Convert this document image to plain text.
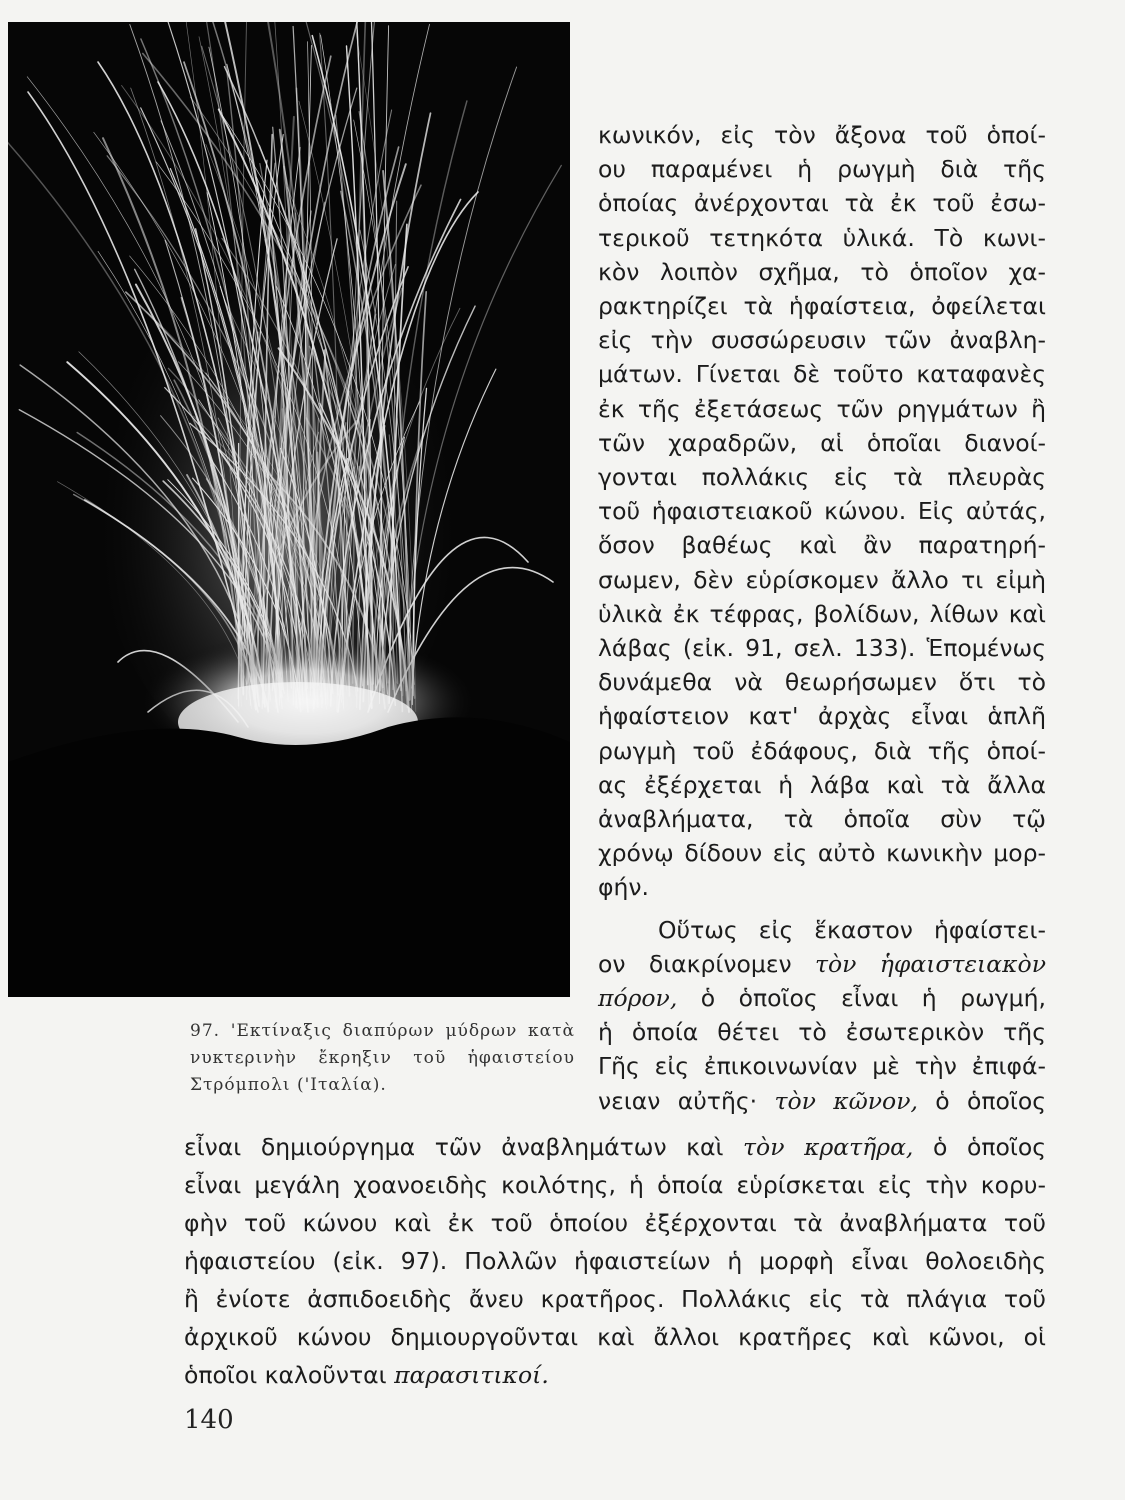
97. 'Εκτίναξις διαπύρων μύδρων κατὰ νυκτερινὴν ἔκρηξιν τοῦ ἡφαιστείου Στρόμπολι ('Ιταλία).
κωνικόν, εἰς τὸν ἄξονα τοῦ ὁποί-
ου παραμένει ἡ ρωγμὴ διὰ τῆς
ὁποίας ἀνέρχονται τὰ ἐκ τοῦ ἐσω-
τερικοῦ τετηκότα ὑλικά. Τὸ κωνι-
κὸν λοιπὸν σχῆμα, τὸ ὁποῖον χα-
ρακτηρίζει τὰ ἡφαίστεια, ὀφείλεται
εἰς τὴν συσσώρευσιν τῶν ἀναβλη-
μάτων. Γίνεται δὲ τοῦτο καταφανὲς
ἐκ τῆς ἐξετάσεως τῶν ρηγμάτων ἢ
τῶν χαραδρῶν, αἱ ὁποῖαι διανοί-
γονται πολλάκις εἰς τὰ πλευρὰς
τοῦ ἡφαιστειακοῦ κώνου. Εἰς αὐτάς,
ὅσον βαθέως καὶ ἂν παρατηρή-
σωμεν, δὲν εὑρίσκομεν ἄλλο τι εἰμὴ
ὑλικὰ ἐκ τέφρας, βολίδων, λίθων καὶ
λάβας (εἰκ. 91, σελ. 133). Ἑπομένως
δυνάμεθα νὰ θεωρήσωμεν ὅτι τὸ
ἡφαίστειον κατ' ἀρχὰς εἶναι ἁπλῆ
ρωγμὴ τοῦ ἐδάφους, διὰ τῆς ὁποί-
ας ἐξέρχεται ἡ λάβα καὶ τὰ ἄλλα
ἀναβλήματα, τὰ ὁποῖα σὺν τῷ
χρόνῳ δίδουν εἰς αὐτὸ κωνικὴν μορ-
φήν.
Οὕτως εἰς ἕκαστον ἡφαίστει-
ον διακρίνομεν τὸν ἡφαιστειακὸν
πόρον, ὁ ὁποῖος εἶναι ἡ ρωγμή,
ἡ ὁποία θέτει τὸ ἐσωτερικὸν τῆς
Γῆς εἰς ἐπικοινωνίαν μὲ τὴν ἐπιφά-
νειαν αὐτῆς· τὸν κῶνον, ὁ ὁποῖος
εἶναι δημιούργημα τῶν ἀναβλημάτων καὶ τὸν κρατῆρα, ὁ ὁποῖος
εἶναι μεγάλη χοανοειδὴς κοιλότης, ἡ ὁποία εὑρίσκεται εἰς τὴν κορυ-
φὴν τοῦ κώνου καὶ ἐκ τοῦ ὁποίου ἐξέρχονται τὰ ἀναβλήματα τοῦ
ἡφαιστείου (εἰκ. 97). Πολλῶν ἡφαιστείων ἡ μορφὴ εἶναι θολοειδὴς
ἢ ἐνίοτε ἀσπιδοειδὴς ἄνευ κρατῆρος. Πολλάκις εἰς τὰ πλάγια τοῦ
140
ἀρχικοῦ κώνου δημιουργοῦνται καὶ ἄλλοι κρατῆρες καὶ κῶνοι, οἱ
ὁποῖοι καλοῦνται παρασιτικοί.
